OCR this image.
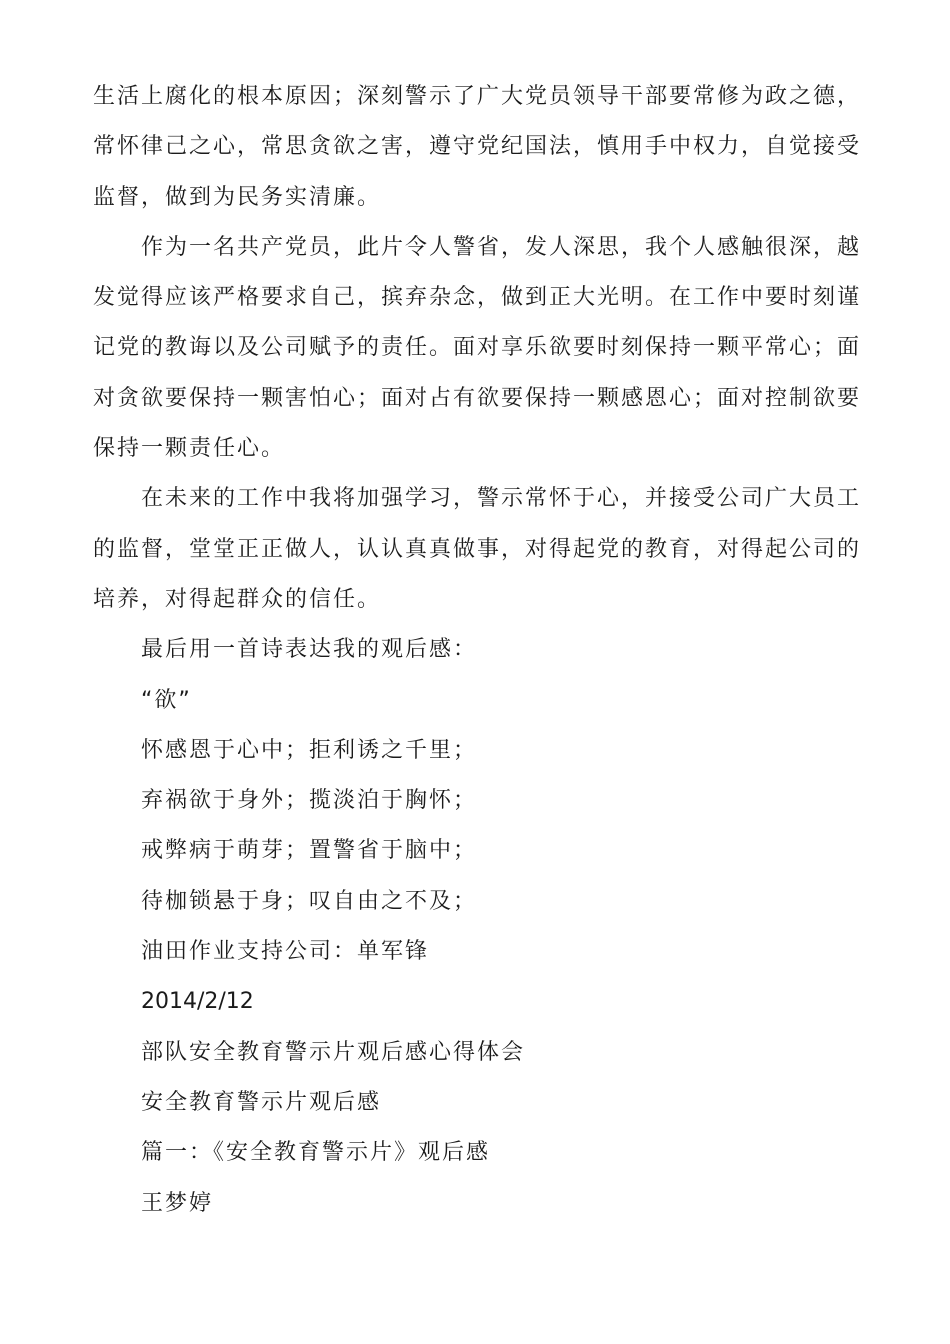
生活上腐化的根本原因；深刻警示了广大党员领导干部要常修为政之德，常怀律己之心，常思贪欲之害，遵守党纪国法，慎用手中权力，自觉接受监督，做到为民务实清廉。

作为一名共产党员，此片令人警省，发人深思，我个人感触很深，越发觉得应该严格要求自己，摈弃杂念，做到正大光明。在工作中要时刻谨记党的教诲以及公司赋予的责任。面对享乐欲要时刻保持一颗平常心；面对贪欲要保持一颗害怕心；面对占有欲要保持一颗感恩心；面对控制欲要保持一颗责任心。

在未来的工作中我将加强学习，警示常怀于心，并接受公司广大员工的监督，堂堂正正做人，认认真真做事，对得起党的教育，对得起公司的培养，对得起群众的信任。

最后用一首诗表达我的观后感：

“欲”

怀感恩于心中；拒利诱之千里；

弃祸欲于身外；揽淡泊于胸怀；

戒弊病于萌芽；置警省于脑中；

待枷锁悬于身；叹自由之不及；

油田作业支持公司：单军锋

2014/2/12

部队安全教育警示片观后感心得体会

安全教育警示片观后感

篇一：《安全教育警示片》观后感

王梦婷
